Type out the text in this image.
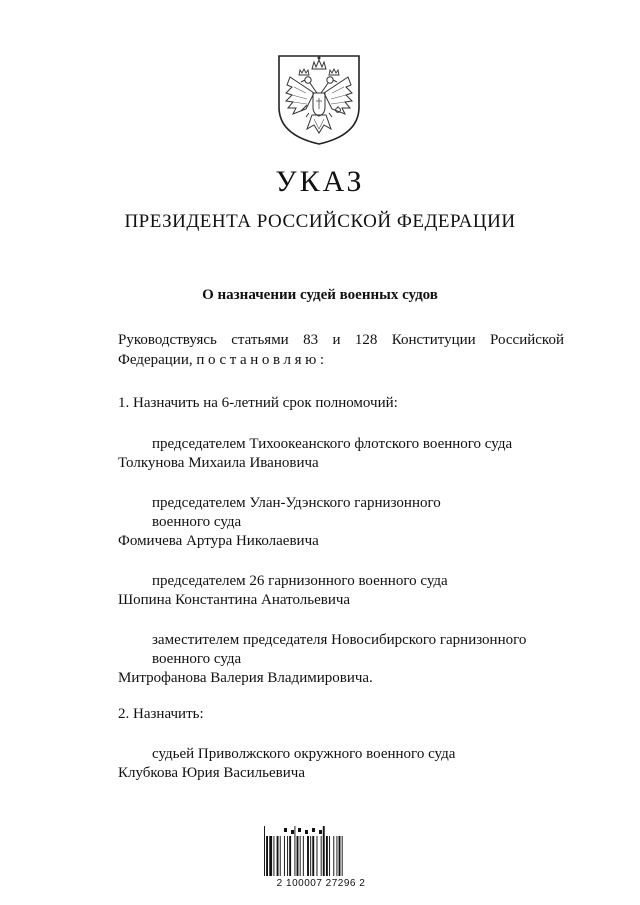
УКАЗ
ПРЕЗИДЕНТА РОССИЙСКОЙ ФЕДЕРАЦИИ
О назначении судей военных судов

Руководствуясь статьями 83 и 128 Конституции Российской

Федерации, постановляю:

1. Назначить на 6-летний срок полномочий:

председателем Тихоокеанского флотского военного суда

Толкунова Михаила Ивановича

председателем Улан-Удэнского гарнизонного

военного суда

Фомичева Артура Николаевича

председателем 26 гарнизонного военного суда

Шопина Константина Анатольевича

заместителем председателя Новосибирского гарнизонного

военного суда

Митрофанова Валерия Владимировича.

2. Назначить:

судьей Приволжского окружного военного суда

Клубкова Юрия Васильевича

2 100007 27296 2
